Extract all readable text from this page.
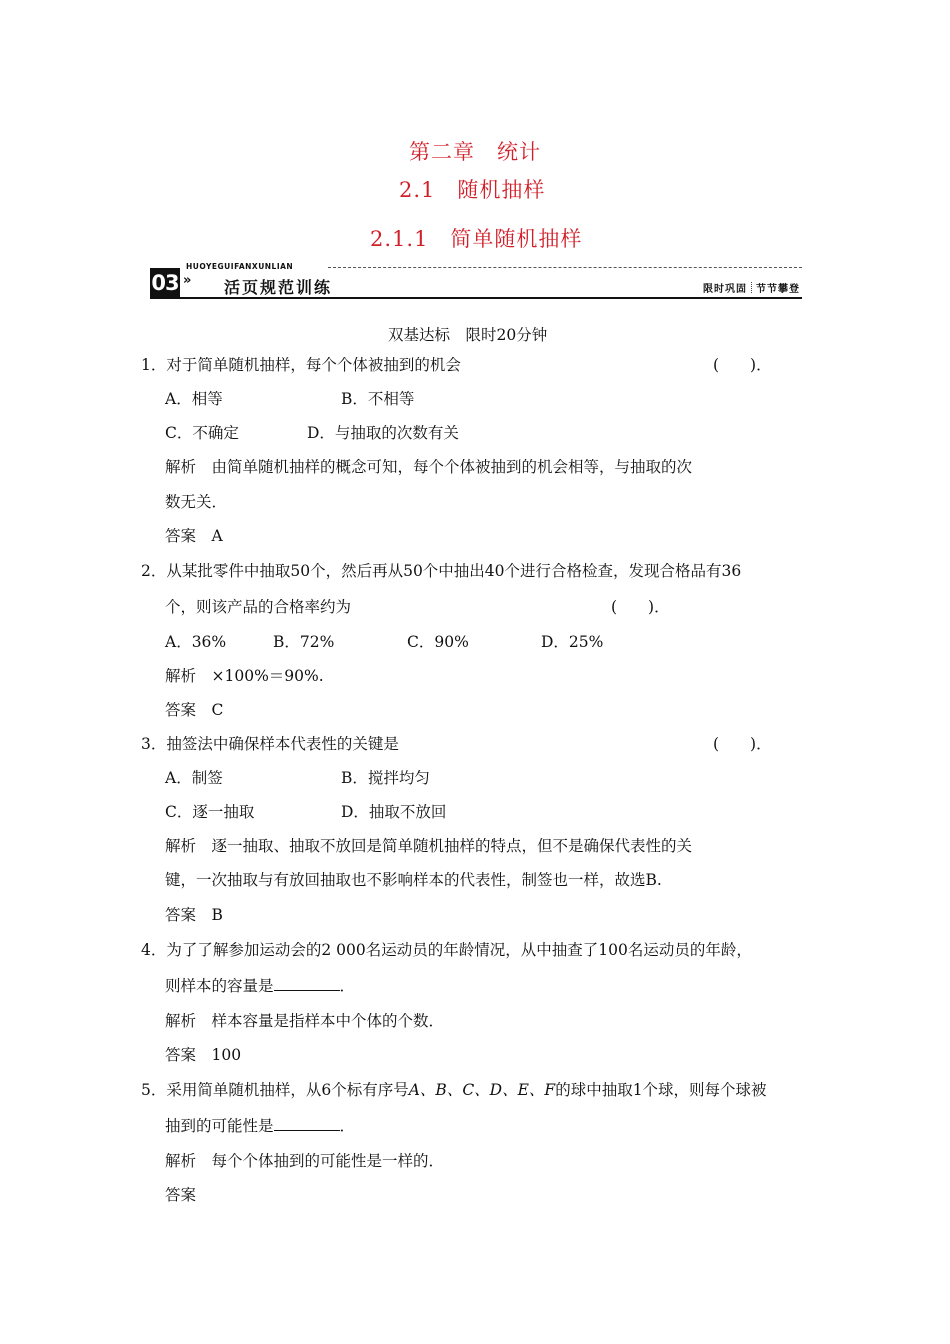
第二章　统计
2.1　随机抽样
2.1.1　简单随机抽样
HUOYEGUIFANXUNLIAN
03 » 活页规范训练	限时巩固 节节攀登
双基达标　限时20分钟
1．对于简单随机抽样，每个个体被抽到的机会	(　　)．
A．相等	B．不相等
C．不确定	D．与抽取的次数有关
解析　由简单随机抽样的概念可知，每个个体被抽到的机会相等，与抽取的次
数无关．
答案　A
2．从某批零件中抽取50个，然后再从50个中抽出40个进行合格检查，发现合格品有36
个，则该产品的合格率约为	(　　)．
A．36%	B．72%	C．90%	D．25%
解析　×100%＝90%.
答案　C
3．抽签法中确保样本代表性的关键是	(　　)．
A．制签	B．搅拌均匀
C．逐一抽取	D．抽取不放回
解析　逐一抽取、抽取不放回是简单随机抽样的特点，但不是确保代表性的关
键，一次抽取与有放回抽取也不影响样本的代表性，制签也一样，故选B.
答案　B
4．为了了解参加运动会的2 000名运动员的年龄情况，从中抽查了100名运动员的年龄，
则样本的容量是	．
解析　样本容量是指样本中个体的个数．
答案　100
5．采用简单随机抽样，从6个标有序号A、B、C、D、E、F的球中抽取1个球，则每个球被
抽到的可能性是	．
解析　每个个体抽到的可能性是一样的．
答案
